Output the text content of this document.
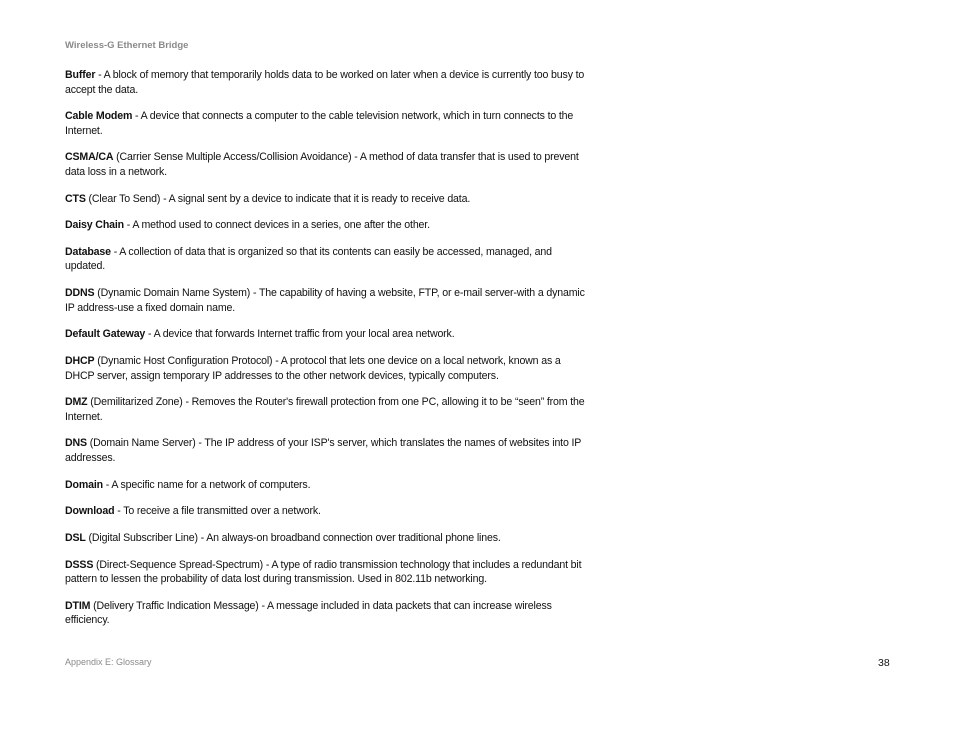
Wireless-G Ethernet Bridge

Buffer - A block of memory that temporarily holds data to be worked on later when a device is currently too busy to accept the data.

Cable Modem - A device that connects a computer to the cable television network, which in turn connects to the Internet.

CSMA/CA (Carrier Sense Multiple Access/Collision Avoidance) - A method of data transfer that is used to prevent data loss in a network.

CTS (Clear To Send) - A signal sent by a device to indicate that it is ready to receive data.

Daisy Chain - A method used to connect devices in a series, one after the other.

Database - A collection of data that is organized so that its contents can easily be accessed, managed, and updated.

DDNS (Dynamic Domain Name System) - The capability of having a website, FTP, or e-mail server-with a dynamic IP address-use a fixed domain name.

Default Gateway - A device that forwards Internet traffic from your local area network.

DHCP (Dynamic Host Configuration Protocol) - A protocol that lets one device on a local network, known as a DHCP server, assign temporary IP addresses to the other network devices, typically computers.

DMZ (Demilitarized Zone) - Removes the Router's firewall protection from one PC, allowing it to be “seen” from the Internet.

DNS (Domain Name Server) - The IP address of your ISP's server, which translates the names of websites into IP addresses.

Domain - A specific name for a network of computers.

Download - To receive a file transmitted over a network.

DSL (Digital Subscriber Line) - An always-on broadband connection over traditional phone lines.

DSSS (Direct-Sequence Spread-Spectrum) - A type of radio transmission technology that includes a redundant bit pattern to lessen the probability of data lost during transmission. Used in 802.11b networking.

DTIM (Delivery Traffic Indication Message) - A message included in data packets that can increase wireless efficiency.

Appendix E: Glossary	38
